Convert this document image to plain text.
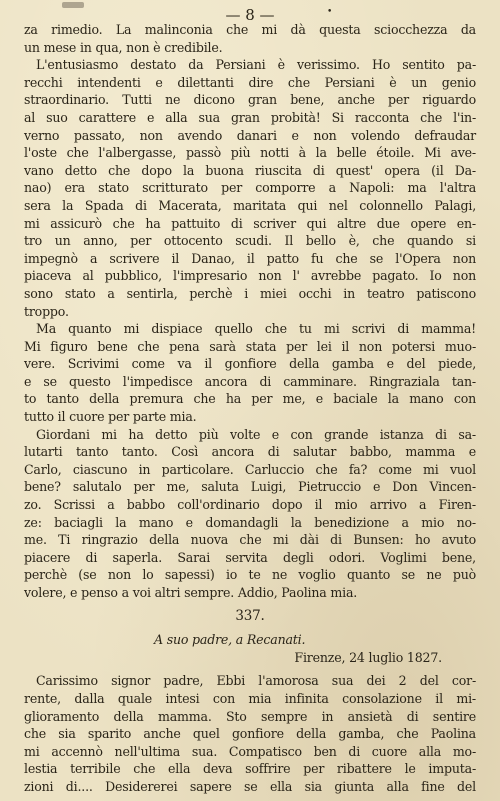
— 8 —	•
za rimedio. La malinconia che mi dà questa sciocchezza da
un mese in qua, non è credibile.
L'entusiasmo destato da Persiani è verissimo. Ho sentito pa-
recchi intendenti e dilettanti dire che Persiani è un genio
straordinario. Tutti ne dicono gran bene, anche per riguardo
al suo carattere e alla sua gran probità! Si racconta che l'in-
verno passato, non avendo danari e non volendo defraudar
l'oste che l'albergasse, passò più notti à la belle étoile. Mi ave-
vano detto che dopo la buona riuscita di quest' opera (il Da-
nao) era stato scritturato per comporre a Napoli: ma l'altra
sera la Spada di Macerata, maritata qui nel colonnello Palagi,
mi assicurò che ha pattuito di scriver qui altre due opere en-
tro un anno, per ottocento scudi. Il bello è, che quando si
impegnò a scrivere il Danao, il patto fu che se l'Opera non
piaceva al pubblico, l'impresario non l' avrebbe pagato. Io non
sono stato a sentirla, perchè i miei occhi in teatro patiscono
troppo.
Ma quanto mi dispiace quello che tu mi scrivi di mamma!
Mi figuro bene che pena sarà stata per lei il non potersi muo-
vere. Scrivimi come va il gonfiore della gamba e del piede,
e se questo l'impedisce ancora di camminare. Ringraziala tan-
to tanto della premura che ha per me, e baciale la mano con
tutto il cuore per parte mia.
Giordani mi ha detto più volte e con grande istanza di sa-
lutarti tanto tanto. Così ancora di salutar babbo, mamma e
Carlo, ciascuno in particolare. Carluccio che fa? come mi vuol
bene? salutalo per me, saluta Luigi, Pietruccio e Don Vincen-
zo. Scrissi a babbo coll'ordinario dopo il mio arrivo a Firen-
ze: baciagli la mano e domandagli la benedizione a mio no-
me. Ti ringrazio della nuova che mi dài di Bunsen: ho avuto
piacere di saperla. Sarai servita degli odori. Voglimi bene,
perchè (se non lo sapessi) io te ne voglio quanto se ne può
volere, e penso a voi altri sempre. Addio, Paolina mia.
337.
A suo padre, a Recanati.
Firenze, 24 luglio 1827.
Carissimo signor padre, Ebbi l'amorosa sua dei 2 del cor-
rente, dalla quale intesi con mia infinita consolazione il mi-
glioramento della mamma. Sto sempre in ansietà di sentire
che sia sparito anche quel gonfiore della gamba, che Paolina
mi accennò nell'ultima sua. Compatisco ben di cuore alla mo-
lestia terribile che ella deva soffrire per ribattere le imputa-
zioni di.... Desidererei sapere se ella sia giunta alla fine del
